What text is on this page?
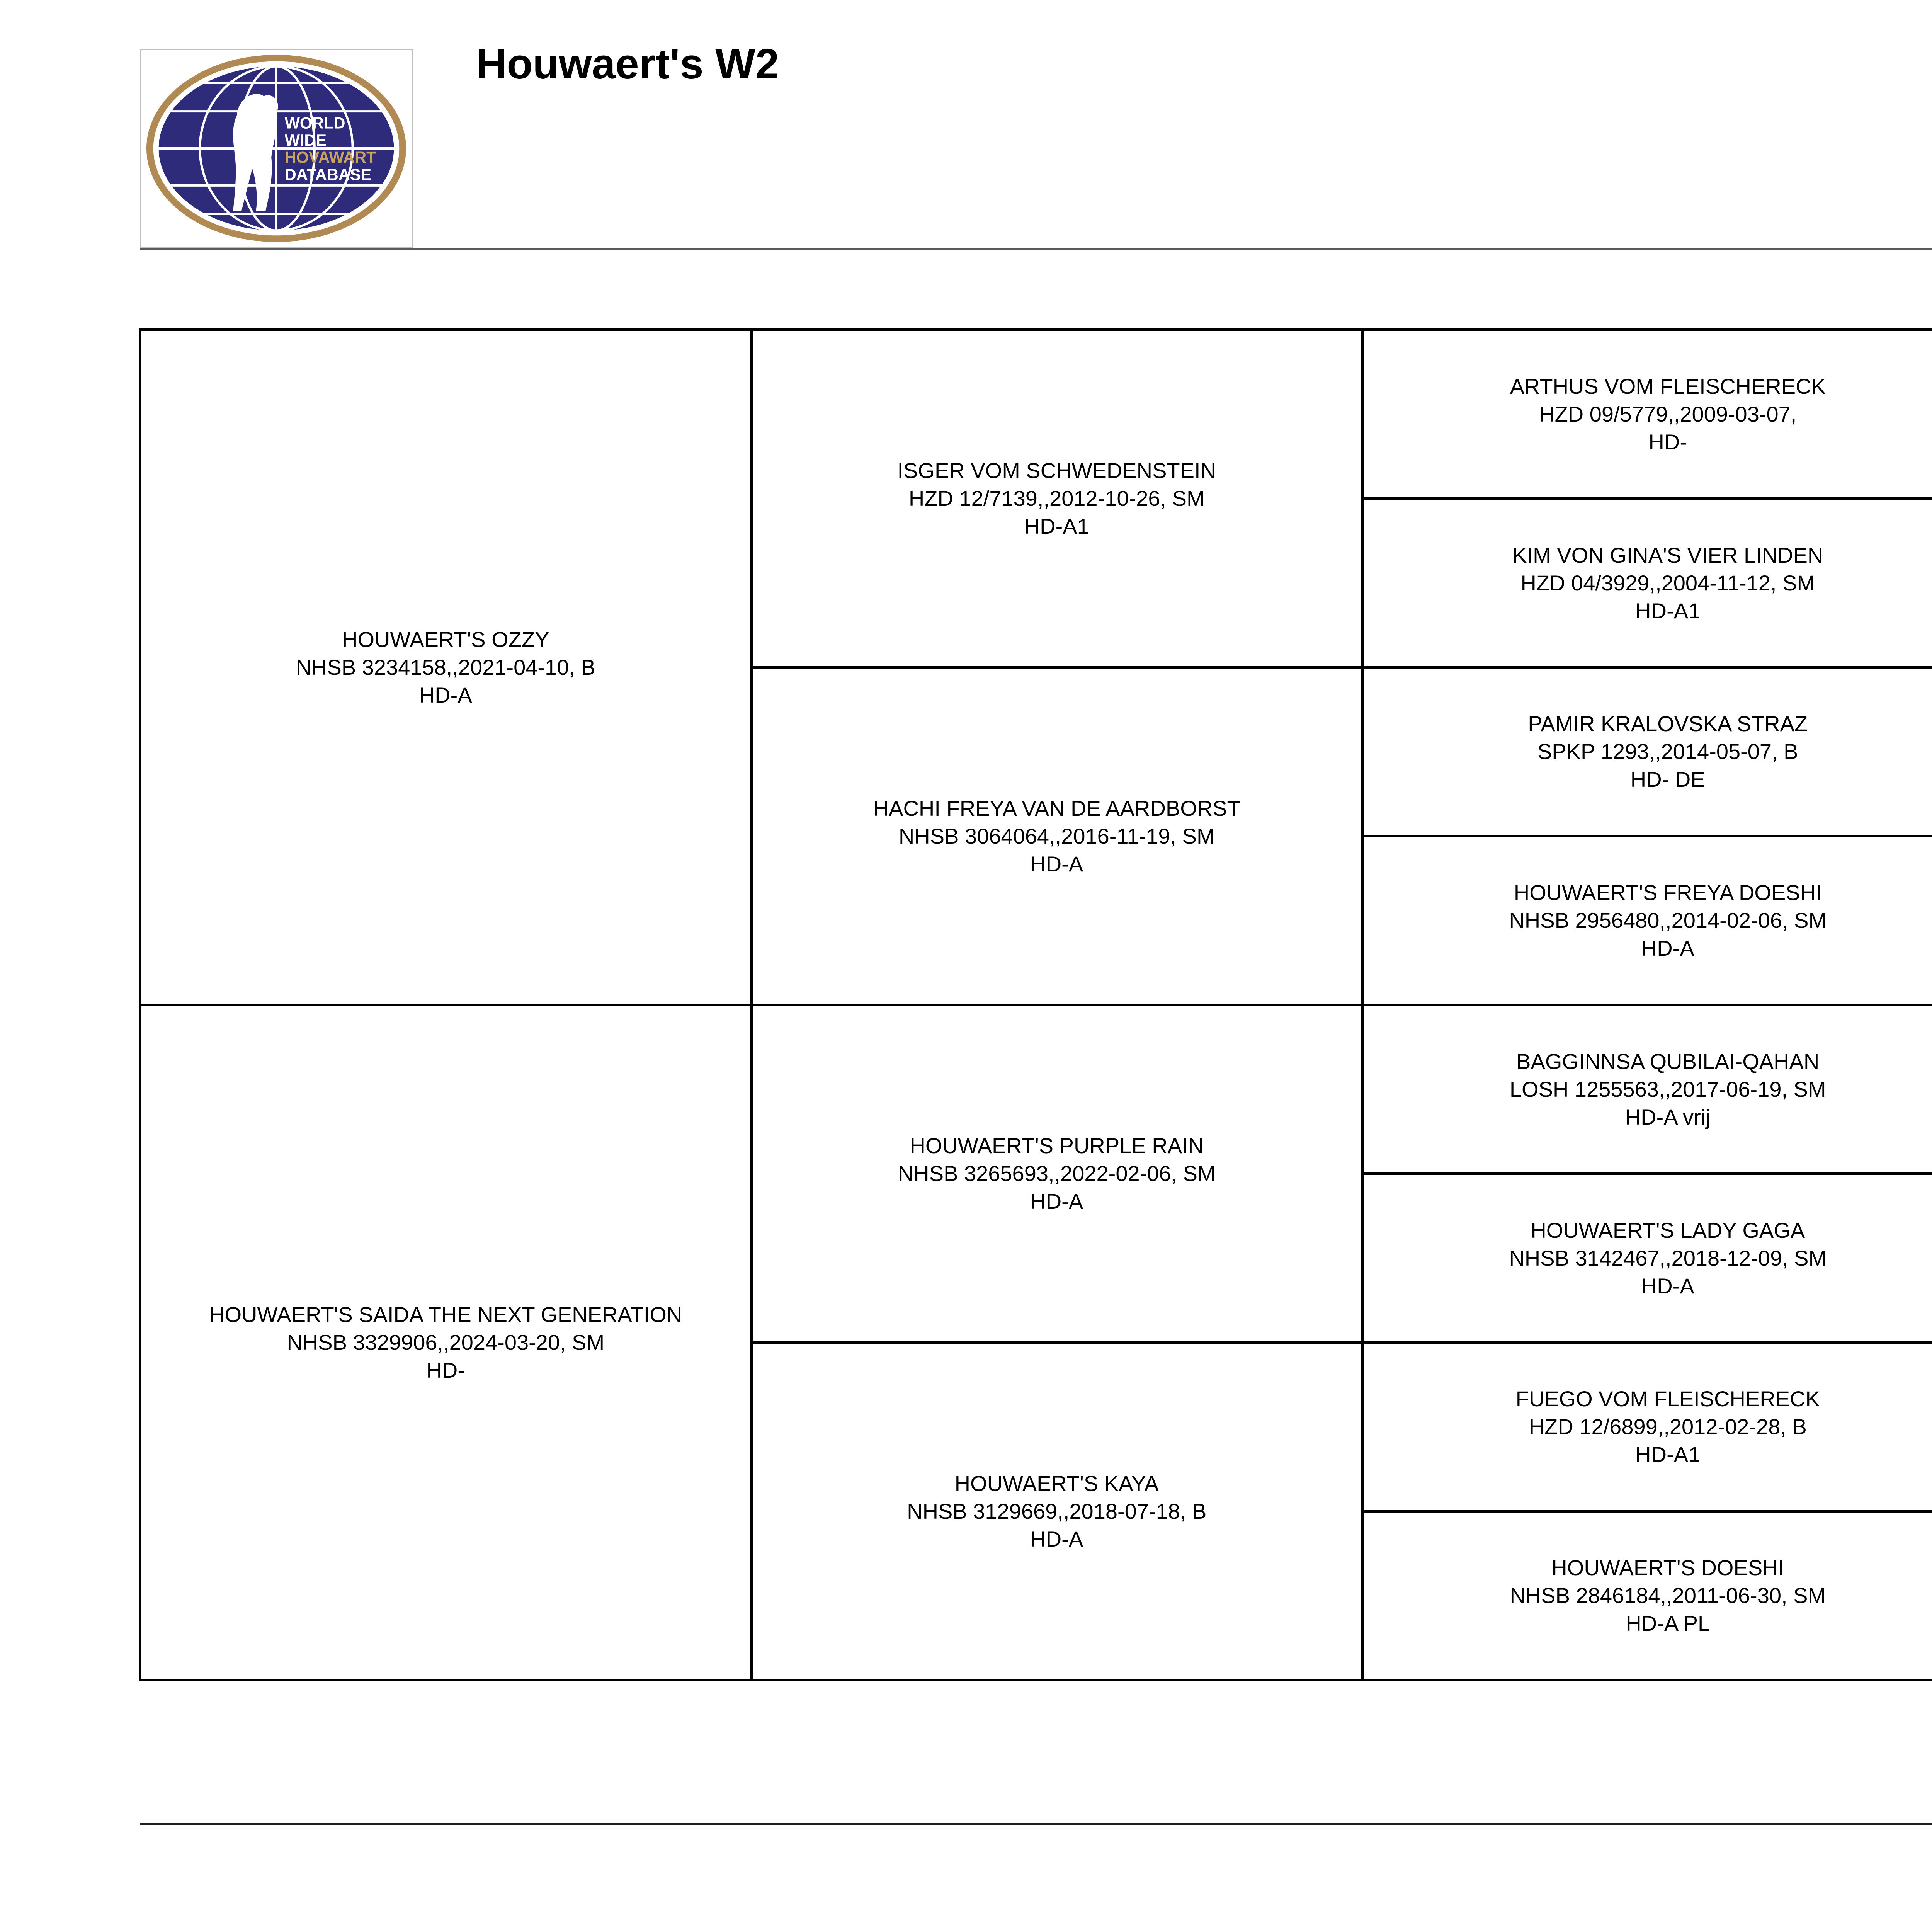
WORLD
WIDE
HOVAWART
DATABASE
Houwaert's W2
HOUWAERT'S OZZY
NHSB 3234158,,2021-04-10, B
HD-A
HOUWAERT'S SAIDA THE NEXT GENERATION
NHSB 3329906,,2024-03-20, SM
HD-
ISGER VOM SCHWEDENSTEIN
HZD 12/7139,,2012-10-26, SM
HD-A1
HACHI FREYA VAN DE AARDBORST
NHSB 3064064,,2016-11-19, SM
HD-A
HOUWAERT'S PURPLE RAIN
NHSB 3265693,,2022-02-06, SM
HD-A
HOUWAERT'S KAYA
NHSB 3129669,,2018-07-18, B
HD-A
ARTHUS VOM FLEISCHERECK
HZD 09/5779,,2009-03-07,
HD-
KIM VON GINA'S VIER LINDEN
HZD 04/3929,,2004-11-12, SM
HD-A1
PAMIR KRALOVSKA STRAZ
SPKP 1293,,2014-05-07, B
HD- DE
HOUWAERT'S FREYA DOESHI
NHSB 2956480,,2014-02-06, SM
HD-A
BAGGINNSA QUBILAI-QAHAN
LOSH 1255563,,2017-06-19, SM
HD-A vrij
HOUWAERT'S LADY GAGA
NHSB 3142467,,2018-12-09, SM
HD-A
FUEGO VOM FLEISCHERECK
HZD 12/6899,,2012-02-28, B
HD-A1
HOUWAERT'S DOESHI
NHSB 2846184,,2011-06-30, SM
HD-A PL
